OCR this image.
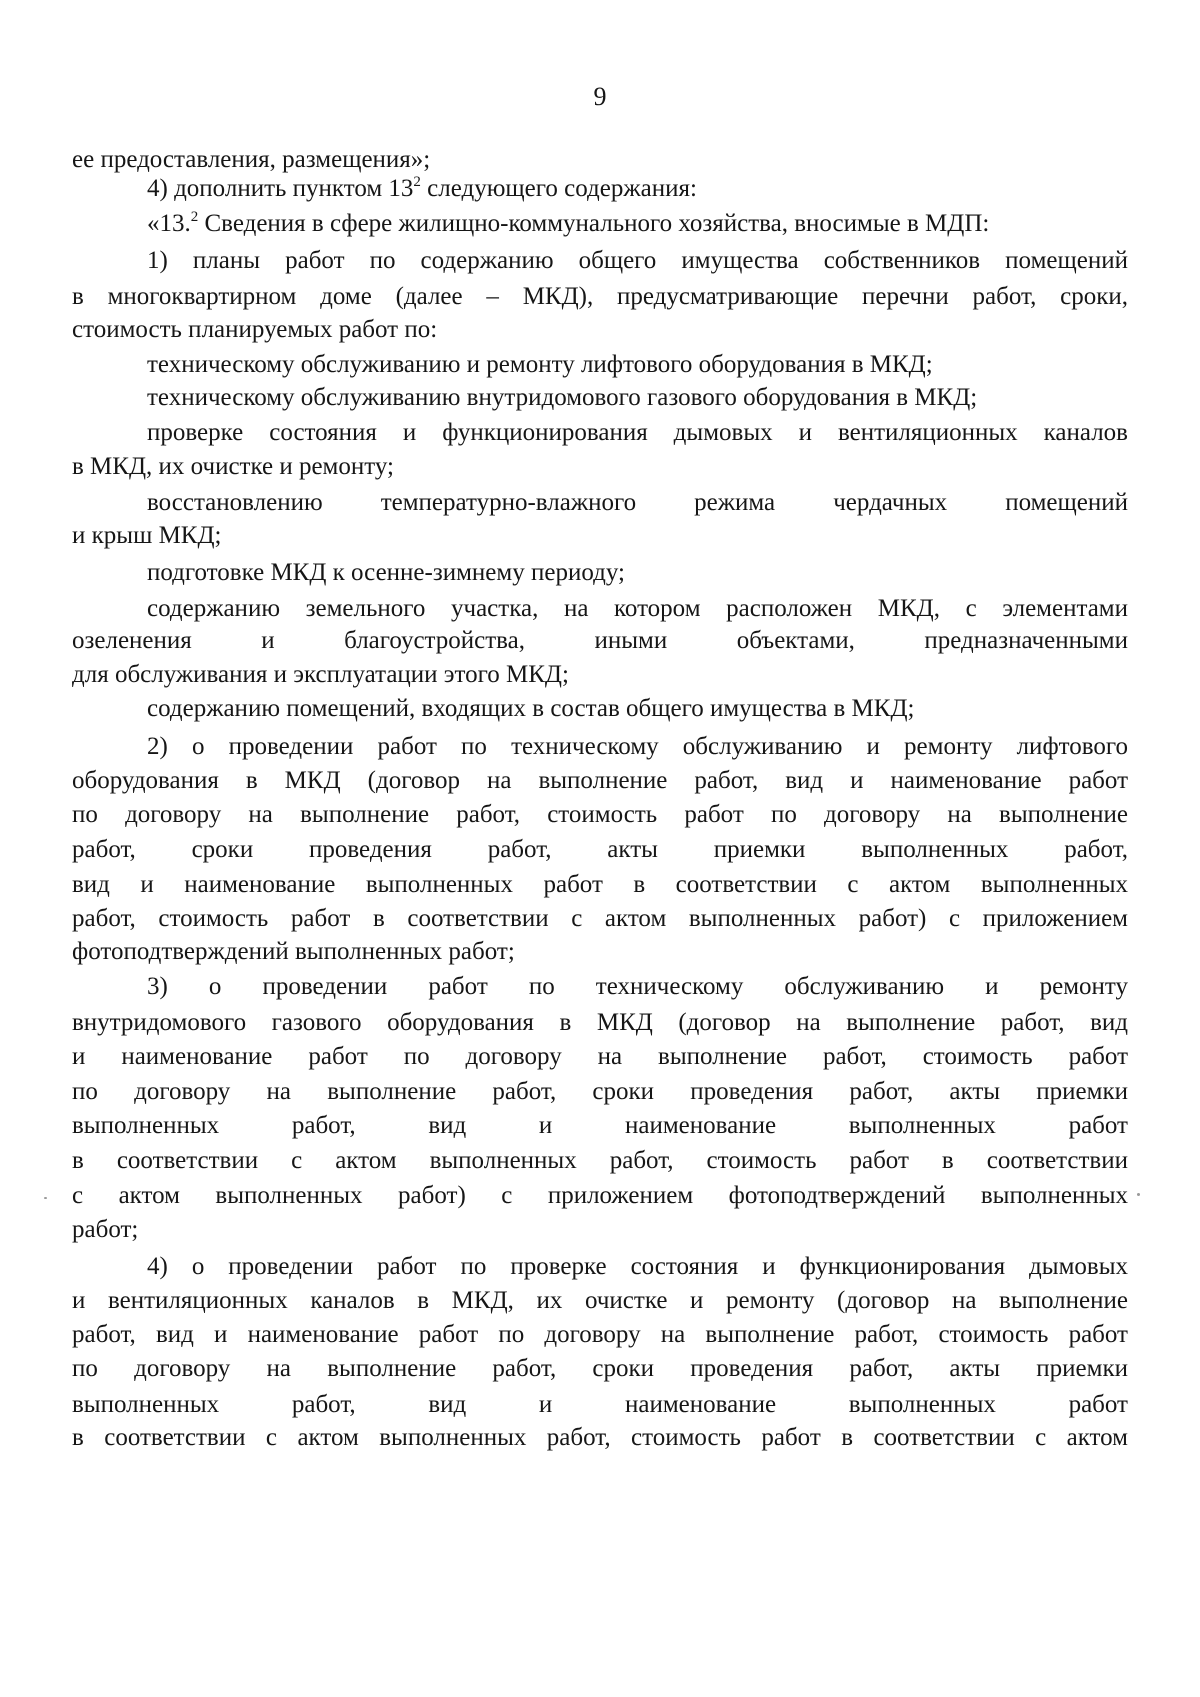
9
ее предоставления, размещения»;
4) дополнить пунктом $13^2$ следующего содержания:
«13.$^2$ Сведения в сфере жилищно-коммунального хозяйства, вносимые в МДП:
1) планы работ по содержанию общего имущества собственников помещений
в многоквартирном доме (далее – МКД), предусматривающие перечни работ, сроки,
стоимость планируемых работ по:
техническому обслуживанию и ремонту лифтового оборудования в МКД;
техническому обслуживанию внутридомового газового оборудования в МКД;
проверке состояния и функционирования дымовых и вентиляционных каналов
в МКД, их очистке и ремонту;
восстановлению температурно-влажного режима чердачных помещений
и крыш МКД;
подготовке МКД к осенне-зимнему периоду;
содержанию земельного участка, на котором расположен МКД, с элементами
озеленения и благоустройства, иными объектами, предназначенными
для обслуживания и эксплуатации этого МКД;
содержанию помещений, входящих в состав общего имущества в МКД;
2) о проведении работ по техническому обслуживанию и ремонту лифтового
оборудования в МКД (договор на выполнение работ, вид и наименование работ
по договору на выполнение работ, стоимость работ по договору на выполнение
работ, сроки проведения работ, акты приемки выполненных работ,
вид и наименование выполненных работ в соответствии с актом выполненных
работ, стоимость работ в соответствии с актом выполненных работ) с приложением
фотоподтверждений выполненных работ;
3) о проведении работ по техническому обслуживанию и ремонту
внутридомового газового оборудования в МКД (договор на выполнение работ, вид
и наименование работ по договору на выполнение работ, стоимость работ
по договору на выполнение работ, сроки проведения работ, акты приемки
выполненных работ, вид и наименование выполненных работ
в соответствии с актом выполненных работ, стоимость работ в соответствии
с актом выполненных работ) с приложением фотоподтверждений выполненных
работ;
4) о проведении работ по проверке состояния и функционирования дымовых
и вентиляционных каналов в МКД, их очистке и ремонту (договор на выполнение
работ, вид и наименование работ по договору на выполнение работ, стоимость работ
по договору на выполнение работ, сроки проведения работ, акты приемки
выполненных работ, вид и наименование выполненных работ
в соответствии с актом выполненных работ, стоимость работ в соответствии с актом
